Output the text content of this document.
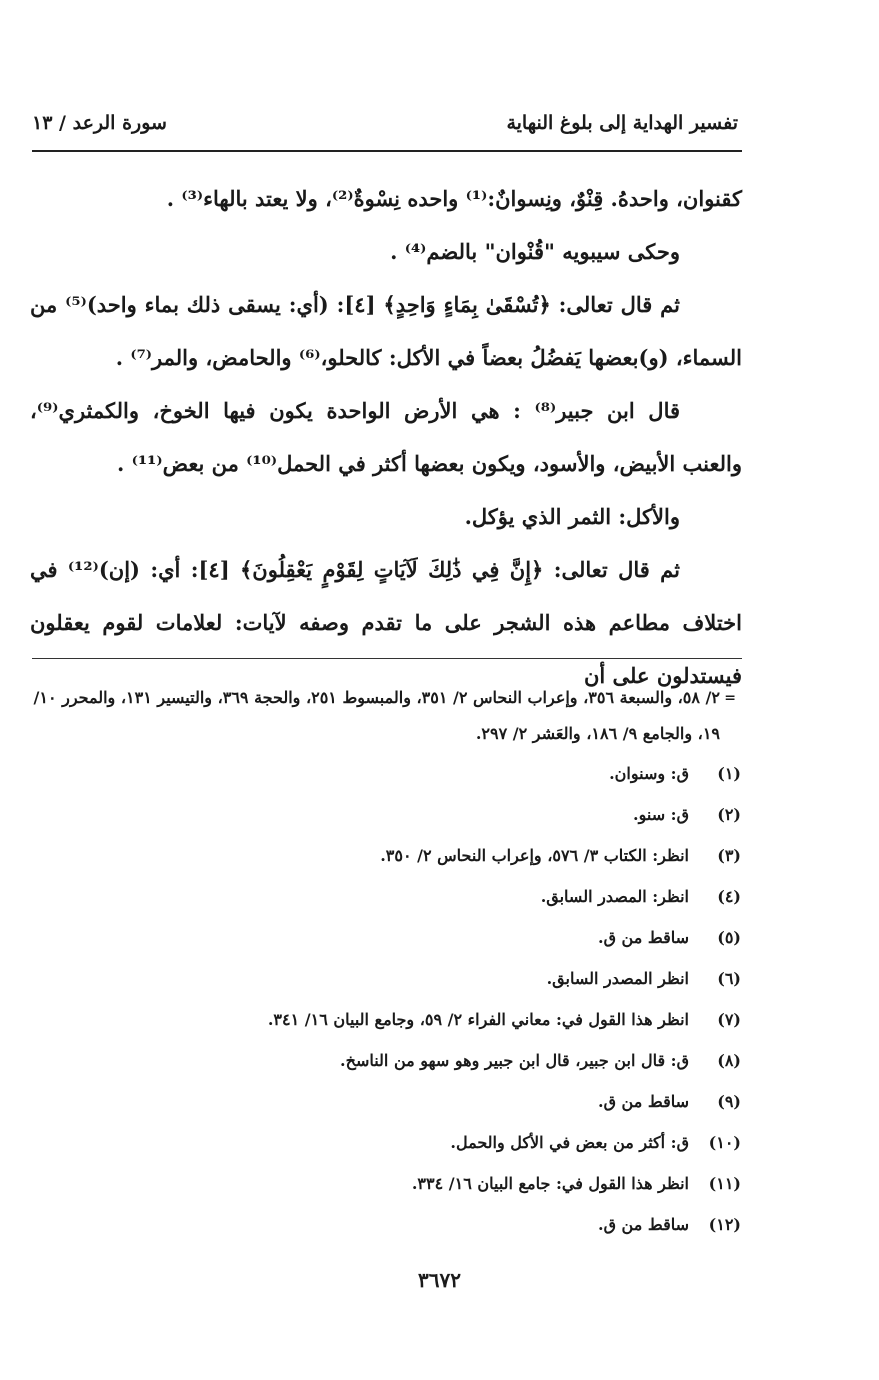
تفسير الهداية إلى بلوغ النهاية
سورة الرعد / ١٣

كقنوان، واحدهُ. قِنْوٌ، ونِسوانٌ:⁽¹⁾ واحده نِسْوةٌ⁽²⁾، ولا يعتد بالهاء⁽³⁾ .

وحكى سيبويه "قُنْوان" بالضم⁽⁴⁾ .

ثم قال تعالى: ﴿تُسْقَىٰ بِمَاءٍ وَاحِدٍ﴾ [٤]: (أي: يسقى ذلك بماء واحد)⁽⁵⁾ من السماء، (و)بعضها يَفضُلُ بعضاً في الأكل: كالحلو،⁽⁶⁾ والحامض، والمر⁽⁷⁾ .

قال ابن جبير⁽⁸⁾ : هي الأرض الواحدة يكون فيها الخوخ، والكمثري⁽⁹⁾، والعنب الأبيض، والأسود، ويكون بعضها أكثر في الحمل⁽¹⁰⁾ من بعض⁽¹¹⁾ .

والأكل: الثمر الذي يؤكل.

ثم قال تعالى: ﴿إِنَّ فِي ذَٰلِكَ لَآيَاتٍ لِقَوْمٍ يَعْقِلُونَ﴾ [٤]: أي: (إن)⁽¹²⁾ في اختلاف مطاعم هذه الشجر على ما تقدم وصفه لآيات: لعلامات لقوم يعقلون فيستدلون على أن

=
٢/ ٥٨، والسبعة ٣٥٦، وإعراب النحاس ٢/ ٣٥١، والمبسوط ٢٥١، والحجة ٣٦٩، والتيسير ١٣١، والمحرر ١٠/ ١٩، والجامع ٩/ ١٨٦، والعَشر ٢/ ٢٩٧.
(١)ق: وسنوان.
(٢)ق: سنو.
(٣)انظر: الكتاب ٣/ ٥٧٦، وإعراب النحاس ٢/ ٣٥٠.
(٤)انظر: المصدر السابق.
(٥)ساقط من ق.
(٦)انظر المصدر السابق.
(٧)انظر هذا القول في: معاني الفراء ٢/ ٥٩، وجامع البيان ١٦/ ٣٤١.
(٨)ق: قال ابن جبير، قال ابن جبير وهو سهو من الناسخ.
(٩)ساقط من ق.
(١٠)ق: أكثر من بعض في الأكل والحمل.
(١١)انظر هذا القول في: جامع البيان ١٦/ ٣٣٤.
(١٢)ساقط من ق.
٣٦٧٢
